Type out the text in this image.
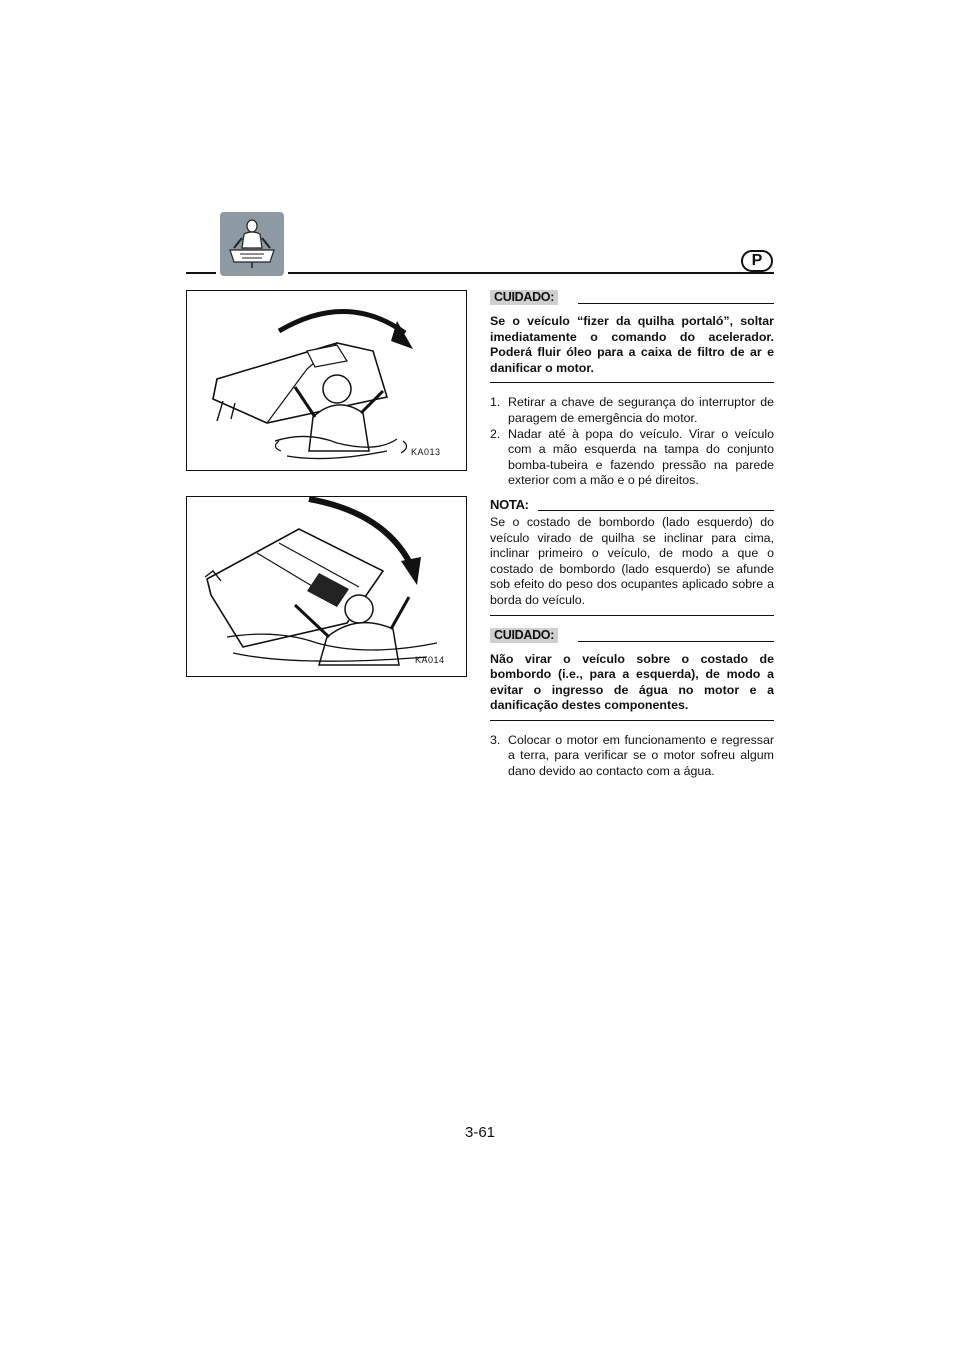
P
KA013
KA014
CUIDADO:

Se o veículo “fizer da quilha portaló”, soltar imediatamente o comando do acelerador. Poderá fluir óleo para a caixa de filtro de ar e danificar o motor.

1. Retirar a chave de segurança do interruptor de paragem de emergência do motor.
2. Nadar até à popa do veículo. Virar o veículo com a mão esquerda na tampa do conjunto bomba-tubeira e fazendo pressão na parede exterior com a mão e o pé direitos.
NOTA:

Se o costado de bombordo (lado esquerdo) do veículo virado de quilha se inclinar para cima, inclinar primeiro o veículo, de modo a que o costado de bombordo (lado esquerdo) se afunde sob efeito do peso dos ocupantes aplicado sobre a borda do veículo.

CUIDADO:

Não virar o veículo sobre o costado de bombordo (i.e., para a esquerda), de modo a evitar o ingresso de água no motor e a danificação destes componentes.

3. Colocar o motor em funcionamento e regressar a terra, para verificar se o motor sofreu algum dano devido ao contacto com a água.
3-61
